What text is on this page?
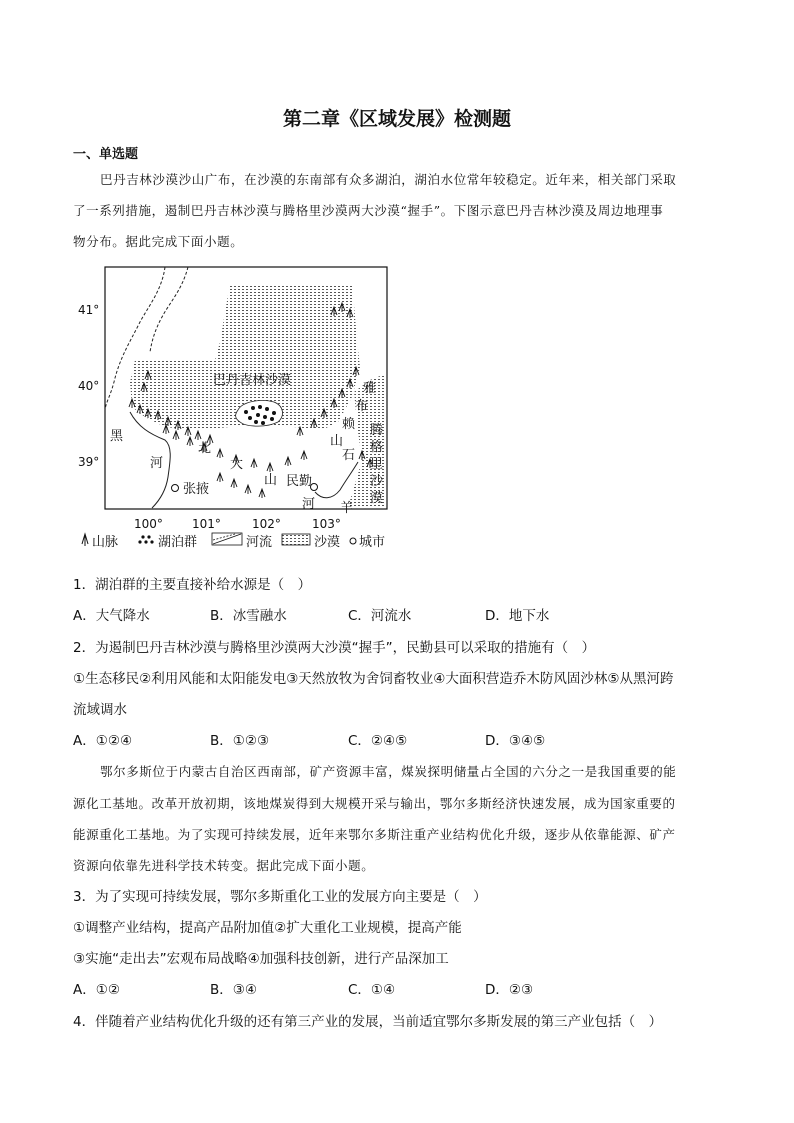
第二章《区域发展》检测题
一、单选题
巴丹吉林沙漠沙山广布，在沙漠的东南部有众多湖泊，湖泊水位常年较稳定。近年来，相关部门采取
了一系列措施，遏制巴丹吉林沙漠与腾格里沙漠两大沙漠“握手”。下图示意巴丹吉林沙漠及周边地理事
物分布。据此完成下面小题。
41°
40°
39°
100° 101°	102°	103°
巴丹吉林沙漠
黑
河
北
大
山
雅
布
赖
山
腾
格
里
沙
漠
石
羊
河
张掖
民勤
山脉	湖泊群	河流	沙漠 城市
1．湖泊群的主要直接补给水源是（　）
A．大气降水	B．冰雪融水	C．河流水	D．地下水
2．为遏制巴丹吉林沙漠与腾格里沙漠两大沙漠“握手”，民勤县可以采取的措施有（　）
①生态移民②利用风能和太阳能发电③天然放牧为舍饲畜牧业④大面积营造乔木防风固沙林⑤从黑河跨
流域调水
A．①②④	B．①②③	C．②④⑤	D．③④⑤
鄂尔多斯位于内蒙古自治区西南部，矿产资源丰富，煤炭探明储量占全国的六分之一是我国重要的能
源化工基地。改革开放初期，该地煤炭得到大规模开采与输出，鄂尔多斯经济快速发展，成为国家重要的
能源重化工基地。为了实现可持续发展，近年来鄂尔多斯注重产业结构优化升级，逐步从依靠能源、矿产
资源向依靠先进科学技术转变。据此完成下面小题。
3．为了实现可持续发展，鄂尔多斯重化工业的发展方向主要是（　）
①调整产业结构，提高产品附加值②扩大重化工业规模，提高产能
③实施“走出去”宏观布局战略④加强科技创新，进行产品深加工
A．①②	B．③④	C．①④	D．②③
4．伴随着产业结构优化升级的还有第三产业的发展，当前适宜鄂尔多斯发展的第三产业包括（　）
